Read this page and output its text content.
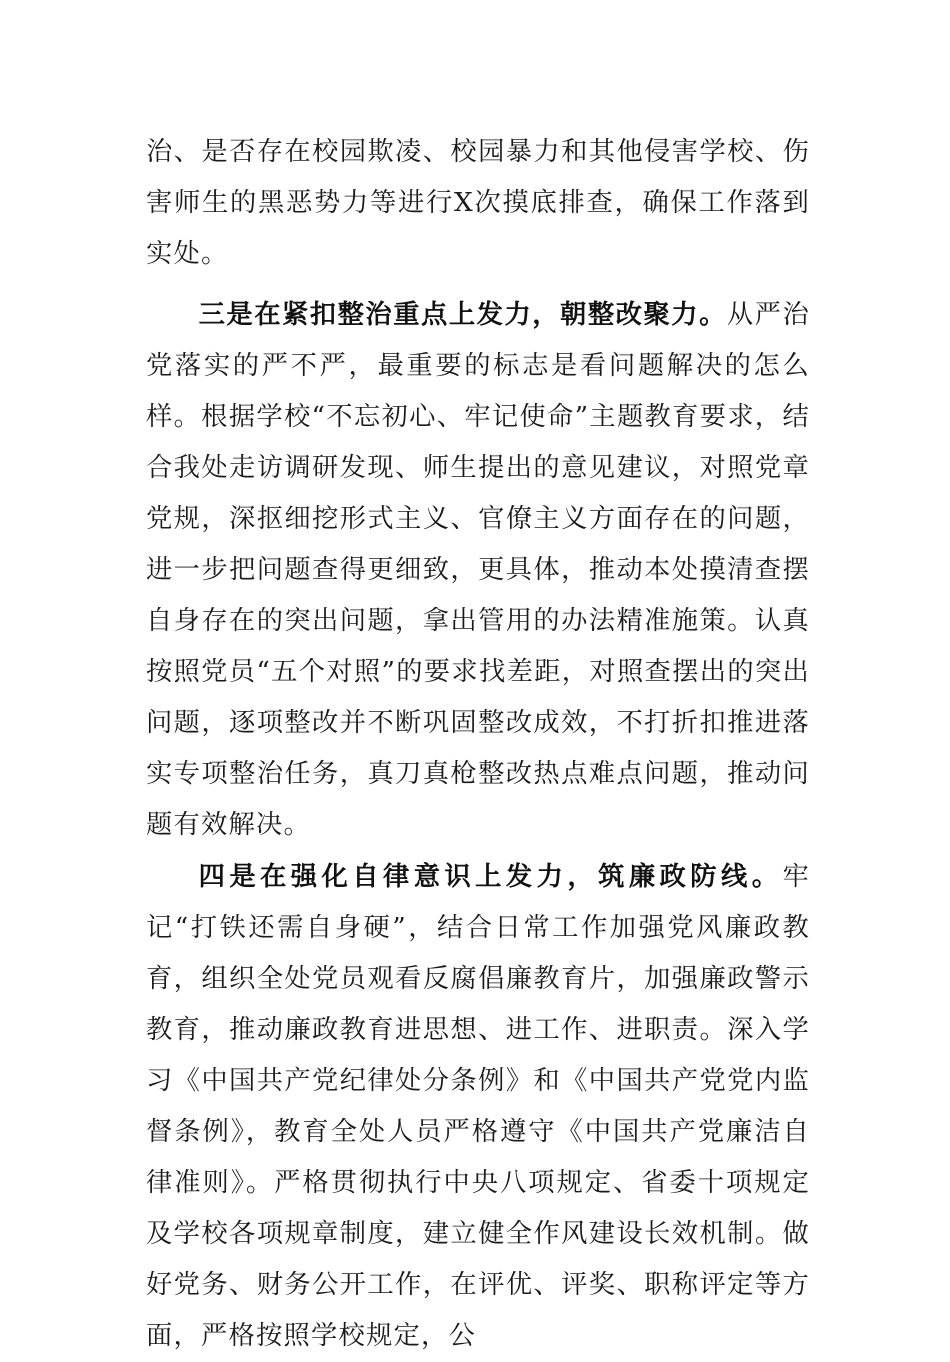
治、是否存在校园欺凌、校园暴力和其他侵害学校、伤害师生的黑恶势力等进行X次摸底排查，确保工作落到实处。

三是在紧扣整治重点上发力，朝整改聚力。从严治党落实的严不严，最重要的标志是看问题解决的怎么样。根据学校“不忘初心、牢记使命”主题教育要求，结合我处走访调研发现、师生提出的意见建议，对照党章党规，深抠细挖形式主义、官僚主义方面存在的问题，进一步把问题查得更细致，更具体，推动本处摸清查摆自身存在的突出问题，拿出管用的办法精准施策。认真按照党员“五个对照”的要求找差距，对照查摆出的突出问题，逐项整改并不断巩固整改成效，不打折扣推进落实专项整治任务，真刀真枪整改热点难点问题，推动问题有效解决。

四是在强化自律意识上发力，筑廉政防线。牢记“打铁还需自身硬”，结合日常工作加强党风廉政教育，组织全处党员观看反腐倡廉教育片，加强廉政警示教育，推动廉政教育进思想、进工作、进职责。深入学习《中国共产党纪律处分条例》和《中国共产党党内监督条例》，教育全处人员严格遵守《中国共产党廉洁自律准则》。严格贯彻执行中央八项规定、省委十项规定及学校各项规章制度，建立健全作风建设长效机制。做好党务、财务公开工作，在评优、评奖、职称评定等方面，严格按照学校规定，公
